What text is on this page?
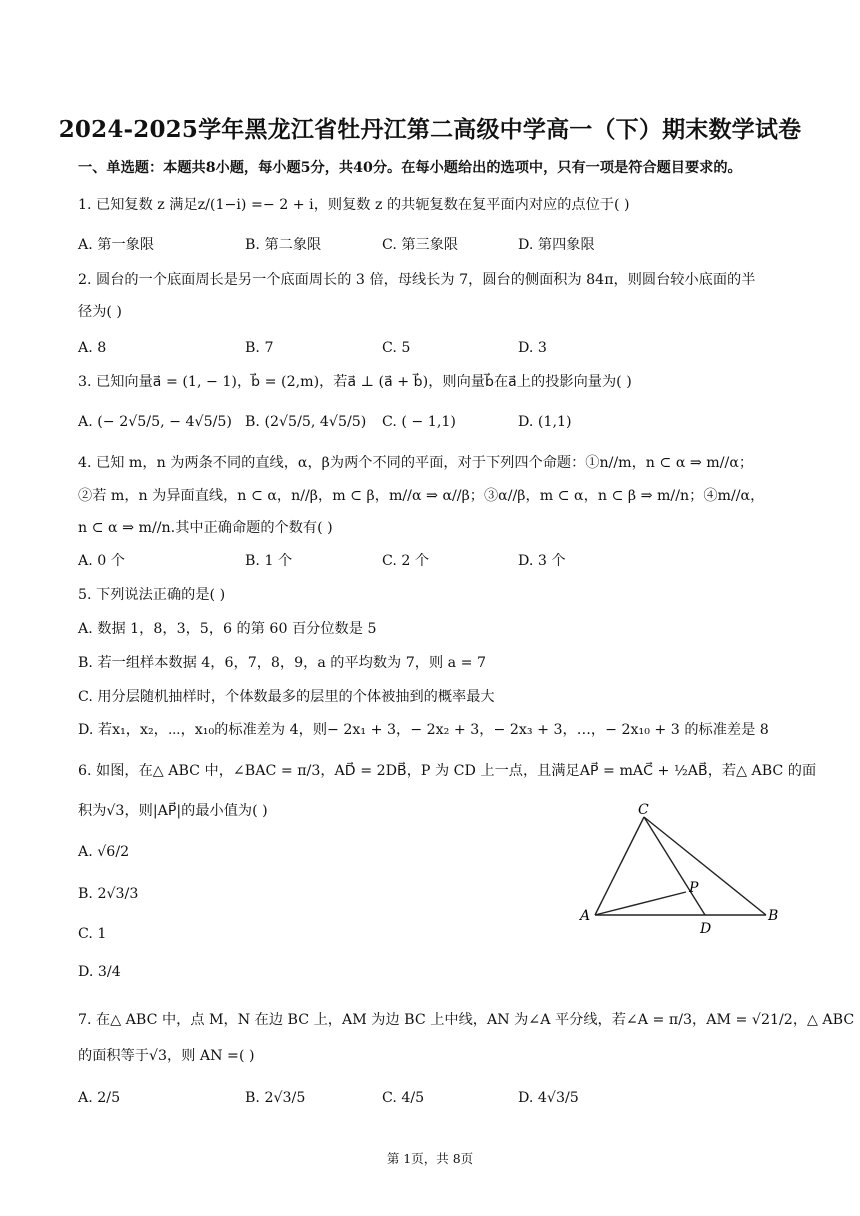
2024-2025学年黑龙江省牡丹江第二高级中学高一（下）期末数学试卷
一、单选题：本题共8小题，每小题5分，共40分。在每小题给出的选项中，只有一项是符合题目要求的。
1. 已知复数 z 满足z/(1−i) =− 2 + i，则复数 z 的共轭复数在复平面内对应的点位于( )
A. 第一象限	B. 第二象限	C. 第三象限	D. 第四象限
2. 圆台的一个底面周长是另一个底面周长的 3 倍，母线长为 7，圆台的侧面积为 84π，则圆台较小底面的半
径为( )
A. 8	B. 7	C. 5	D. 3
3. 已知向量a⃗ = (1, − 1)，b⃗ = (2,m)，若a⃗ ⊥ (a⃗ + b⃗)，则向量b⃗在a⃗上的投影向量为( )
A. (− 2√5/5, − 4√5/5) B. (2√5/5, 4√5/5) C. ( − 1,1)	D. (1,1)
4. 已知 m，n 为两条不同的直线，α，β为两个不同的平面，对于下列四个命题：①n//m，n ⊂ α ⇒ m//α；
②若 m，n 为异面直线，n ⊂ α，n//β，m ⊂ β，m//α ⇒ α//β；③α//β，m ⊂ α，n ⊂ β ⇒ m//n；④m//α，
n ⊂ α ⇒ m//n.其中正确命题的个数有( )
A. 0 个	B. 1 个	C. 2 个	D. 3 个
5. 下列说法正确的是( )
A. 数据 1，8，3，5，6 的第 60 百分位数是 5
B. 若一组样本数据 4，6，7，8，9，a 的平均数为 7，则 a = 7
C. 用分层随机抽样时，个体数最多的层里的个体被抽到的概率最大
D. 若x₁，x₂，⋯，x₁₀的标准差为 4，则− 2x₁ + 3，− 2x₂ + 3，− 2x₃ + 3，…，− 2x₁₀ + 3 的标准差是 8
6. 如图，在△ ABC 中，∠BAC = π/3，AD⃗ = 2DB⃗，P 为 CD 上一点，且满足AP⃗ = mAC⃗ + ½AB⃗，若△ ABC 的面
积为√3，则|AP⃗|的最小值为( )
A. √6/2
B. 2√3/3
C. 1
D. 3/4
C
P
A
D
B
7. 在△ ABC 中，点 M，N 在边 BC 上，AM 为边 BC 上中线，AN 为∠A 平分线，若∠A = π/3，AM = √21/2，△ ABC
的面积等于√3，则 AN =( )
A. 2/5	B. 2√3/5	C. 4/5	D. 4√3/5
第 1页，共 8页
